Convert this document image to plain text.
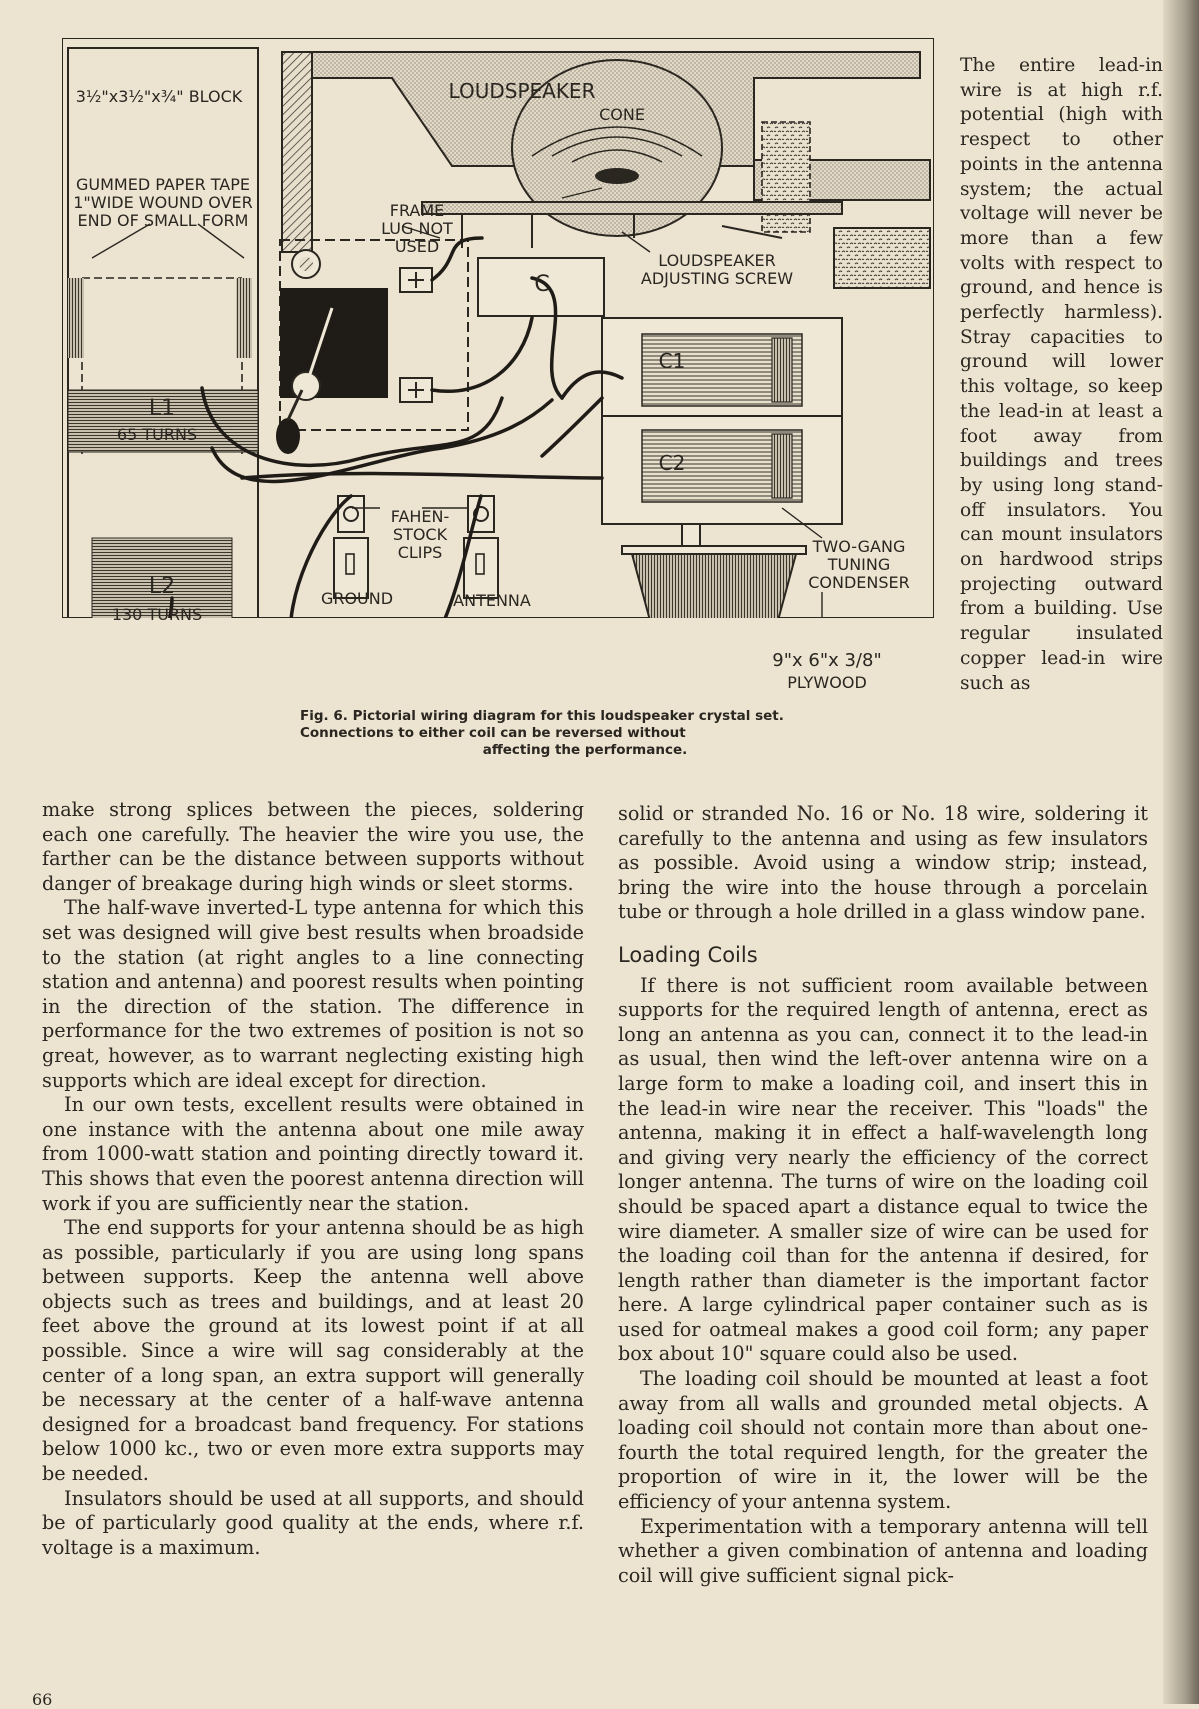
3½"x3½"x¾" BLOCK	LOUDSPEAKER
CONE
GUMMED PAPER TAPE 1"WIDE WOUND OVER END OF SMALL FORM
FRAME LUG NOT USED
LOUDSPEAKER ADJUSTING SCREW
C
C1
C2
L1
65 TURNS
L2
130 TURNS
FAHEN- STOCK CLIPS
GROUND	ANTENNA
TWO-GANG TUNING CONDENSER
9"x 6"x 3/8"
PLYWOOD
Fig. 6. Pictorial wiring diagram for this loudspeaker crystal set. Connections to either coil can be reversed without
affecting the performance.
The entire lead-in wire is at high r.f. potential (high with respect to other points in the antenna system; the actual voltage will never be more than a few volts with respect to ground, and hence is perfectly harmless). Stray capacities to ground will lower this voltage, so keep the lead-in at least a foot away from buildings and trees by using long stand-off insulators. You can mount insulators on hardwood strips projecting outward from a building. Use regular insulated copper lead-in wire such as

make strong splices between the pieces, soldering each one carefully. The heavier the wire you use, the farther can be the distance between supports without danger of breakage during high winds or sleet storms.

The half-wave inverted-L type antenna for which this set was designed will give best results when broadside to the station (at right angles to a line connecting station and antenna) and poorest results when pointing in the direction of the station. The difference in performance for the two extremes of position is not so great, however, as to warrant neglecting existing high supports which are ideal except for direction.

In our own tests, excellent results were obtained in one instance with the antenna about one mile away from 1000-watt station and pointing directly toward it. This shows that even the poorest antenna direction will work if you are sufficiently near the station.

The end supports for your antenna should be as high as possible, particularly if you are using long spans between supports. Keep the antenna well above objects such as trees and buildings, and at least 20 feet above the ground at its lowest point if at all possible. Since a wire will sag considerably at the center of a long span, an extra support will generally be necessary at the center of a half-wave antenna designed for a broadcast band frequency. For stations below 1000 kc., two or even more extra supports may be needed.

Insulators should be used at all supports, and should be of particularly good quality at the ends, where r.f. voltage is a maximum.

solid or stranded No. 16 or No. 18 wire, soldering it carefully to the antenna and using as few insulators as possible. Avoid using a window strip; instead, bring the wire into the house through a porcelain tube or through a hole drilled in a glass window pane.

Loading Coils

If there is not sufficient room available between supports for the required length of antenna, erect as long an antenna as you can, connect it to the lead-in as usual, then wind the left-over antenna wire on a large form to make a loading coil, and insert this in the lead-in wire near the receiver. This "loads" the antenna, making it in effect a half-wavelength long and giving very nearly the efficiency of the correct longer antenna. The turns of wire on the loading coil should be spaced apart a distance equal to twice the wire diameter. A smaller size of wire can be used for the loading coil than for the antenna if desired, for length rather than diameter is the important factor here. A large cylindrical paper container such as is used for oatmeal makes a good coil form; any paper box about 10" square could also be used.

The loading coil should be mounted at least a foot away from all walls and grounded metal objects. A loading coil should not contain more than about one-fourth the total required length, for the greater the proportion of wire in it, the lower will be the efficiency of your antenna system.

Experimentation with a temporary antenna will tell whether a given combination of antenna and loading coil will give sufficient signal pick-

66
